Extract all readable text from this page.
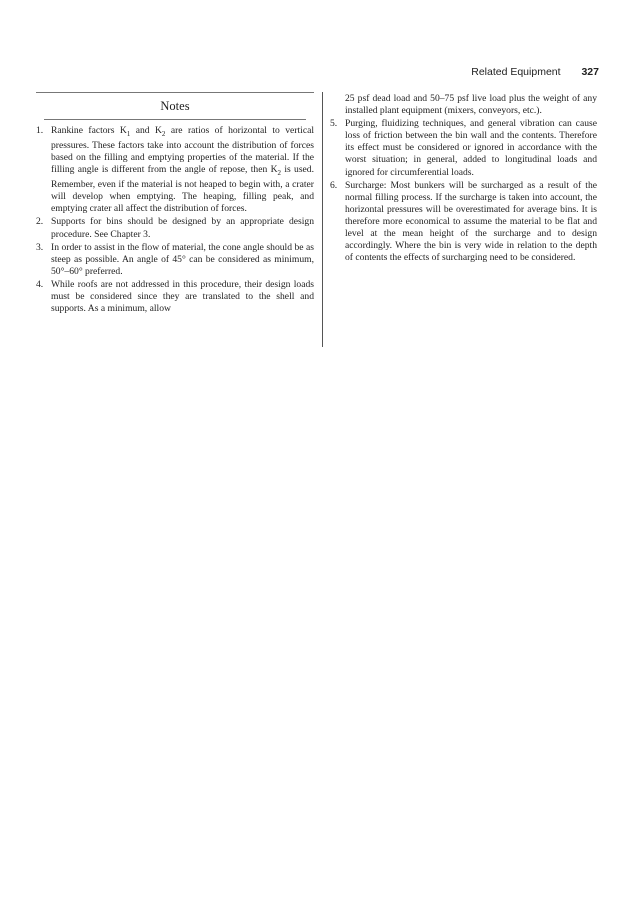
Related Equipment 327
Notes
1. Rankine factors $K_1$ and $K_2$ are ratios of horizontal to vertical pressures. These factors take into account the distribution of forces based on the filling and emptying properties of the material. If the filling angle is different from the angle of repose, then $K_2$ is used. Remember, even if the material is not heaped to begin with, a crater will develop when emptying. The heaping, filling peak, and emptying crater all affect the distribution of forces.
2. Supports for bins should be designed by an appropriate design procedure. See Chapter 3.
3. In order to assist in the flow of material, the cone angle should be as steep as possible. An angle of 45° can be considered as minimum, 50°–60° preferred.
4. While roofs are not addressed in this procedure, their design loads must be considered since they are translated to the shell and supports. As a minimum, allow
25 psf dead load and 50–75 psf live load plus the weight of any installed plant equipment (mixers, conveyors, etc.).
5. Purging, fluidizing techniques, and general vibration can cause loss of friction between the bin wall and the contents. Therefore its effect must be considered or ignored in accordance with the worst situation; in general, added to longitudinal loads and ignored for circumferential loads.
6. Surcharge: Most bunkers will be surcharged as a result of the normal filling process. If the surcharge is taken into account, the horizontal pressures will be overestimated for average bins. It is therefore more economical to assume the material to be flat and level at the mean height of the surcharge and to design accordingly. Where the bin is very wide in relation to the depth of contents the effects of surcharging need to be considered.
